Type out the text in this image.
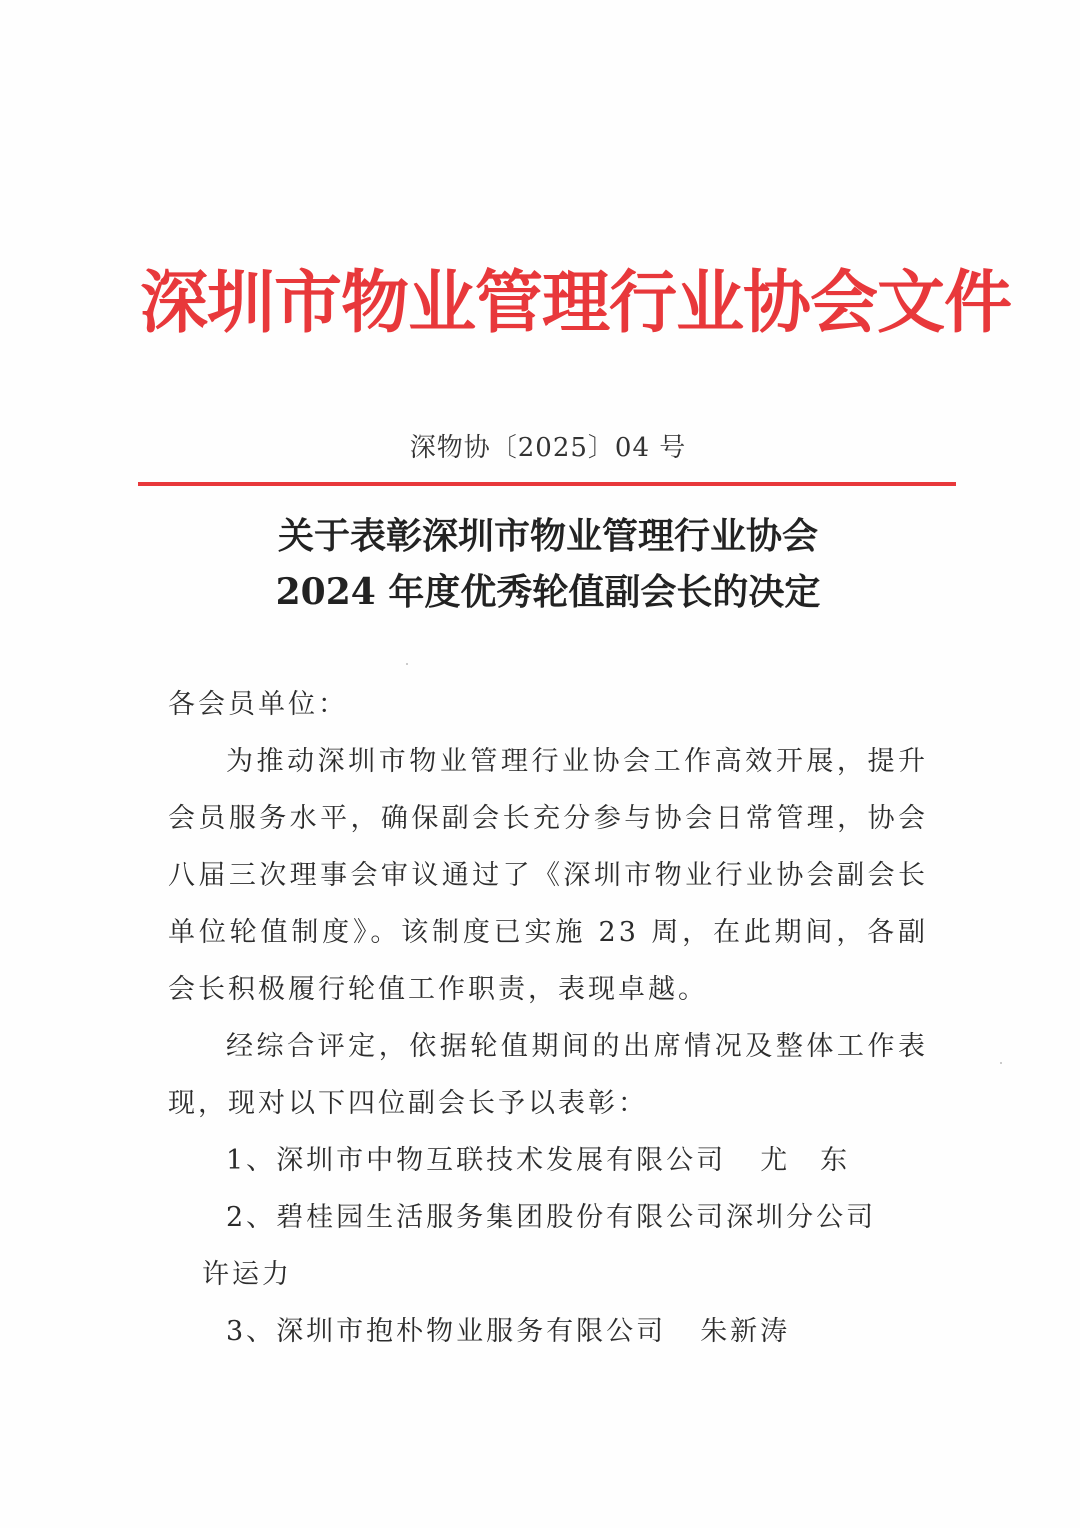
深圳市物业管理行业协会文件
深物协〔2025〕04 号
关于表彰深圳市物业管理行业协会
2024 年度优秀轮值副会长的决定

各会员单位：

为推动深圳市物业管理行业协会工作高效开展，提升会员服务水平，确保副会长充分参与协会日常管理，协会八届三次理事会审议通过了《深圳市物业行业协会副会长单位轮值制度》。该制度已实施 23 周，在此期间，各副会长积极履行轮值工作职责，表现卓越。

经综合评定，依据轮值期间的出席情况及整体工作表现，现对以下四位副会长予以表彰：

1、深圳市中物互联技术发展有限公司 尤　东

2、碧桂园生活服务集团股份有限公司深圳分公司许运力

3、深圳市抱朴物业服务有限公司 朱新涛
